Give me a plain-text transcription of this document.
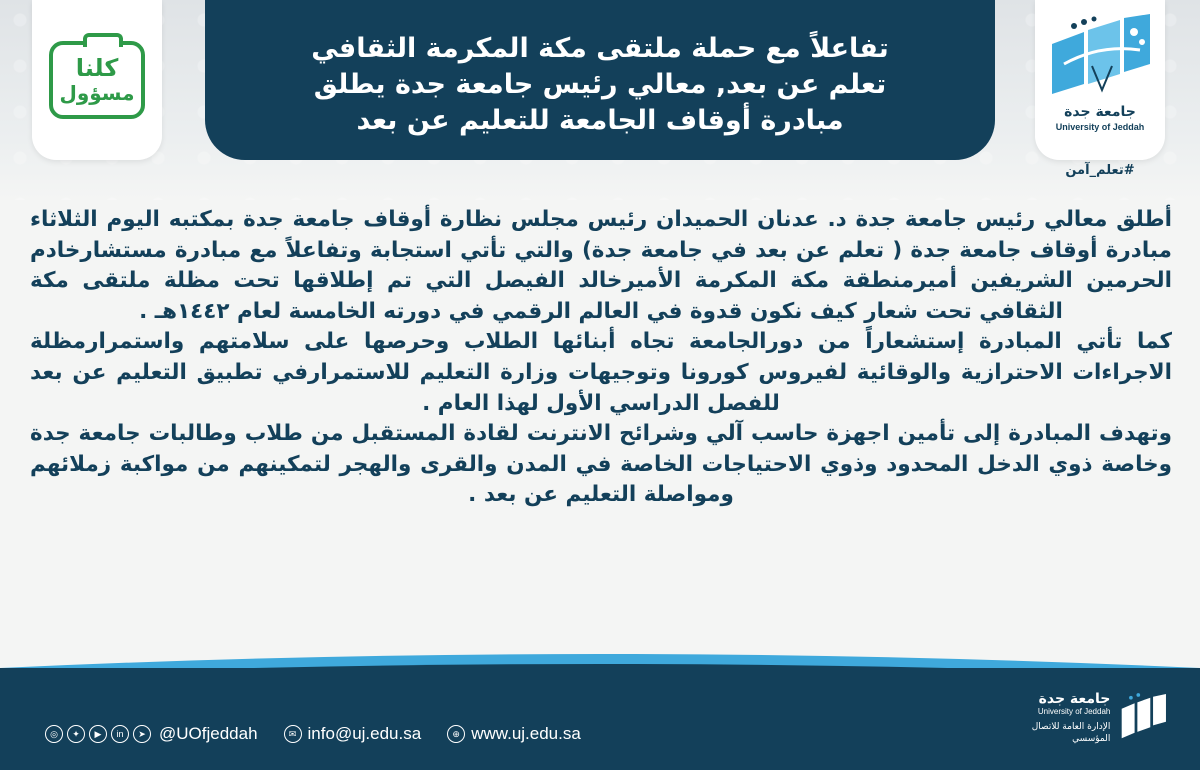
كلنا
مسؤول
تفاعلاً مع حملة ملتقى مكة المكرمة الثقافي
تعلم عن بعد, معالي رئيس جامعة جدة يطلق
مبادرة أوقاف الجامعة للتعليم عن بعد	جامعة جدة
University of Jeddah
#تعلم_آمن

أطلق معالي رئيس جامعة جدة د. عدنان الحميدان رئيس مجلس نظارة أوقاف جامعة جدة بمكتبه اليوم الثلاثاء مبادرة أوقاف جامعة جدة ( تعلم عن بعد في جامعة جدة) والتي تأتي استجابة وتفاعلاً مع مبادرة مستشارخادم الحرمين الشريفين أميرمنطقة مكة المكرمة الأميرخالد الفيصل التي تم إطلاقها تحت مظلة ملتقى مكة الثقافي تحت شعار كيف نكون قدوة في العالم الرقمي في دورته الخامسة لعام ١٤٤٢هـ .

كما تأتي المبادرة إستشعاراً من دورالجامعة تجاه أبنائها الطلاب وحرصها على سلامتهم واستمرارمظلة الاجراءات الاحترازية والوقائية لفيروس كورونا وتوجيهات وزارة التعليم للاستمرارفي تطبيق التعليم عن بعد للفصل الدراسي الأول لهذا العام .

وتهدف المبادرة إلى تأمين اجهزة حاسب آلي وشرائح الانترنت لقادة المستقبل من طلاب وطالبات جامعة جدة وخاصة ذوي الدخل المحدود وذوي الاحتياجات الخاصة في المدن والقرى والهجر لتمكينهم من مواكبة زملائهم ومواصلة التعليم عن بعد .

◎	✦	▶	in	➤ @UOfjeddah	✉ info@uj.edu.sa	⊕ www.uj.edu.sa
جامعة جدة
University of Jeddah
الإدارة العامة للاتصال المؤسسي
